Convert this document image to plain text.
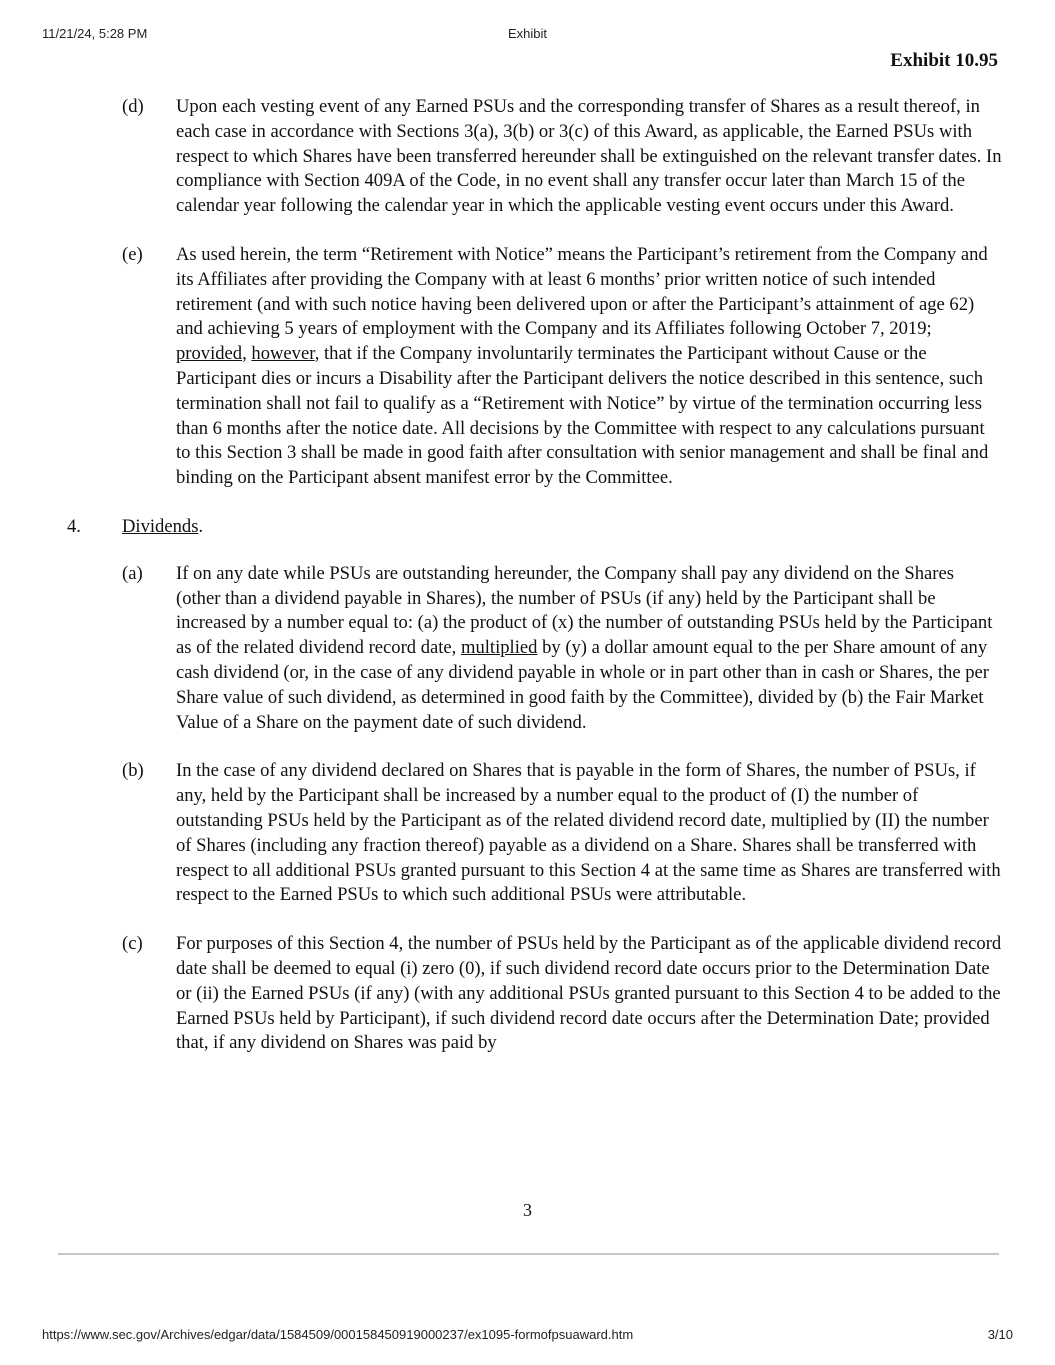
11/21/24, 5:28 PM	Exhibit
Exhibit 10.95
(d) Upon each vesting event of any Earned PSUs and the corresponding transfer of Shares as a result thereof, in each case in accordance with Sections 3(a), 3(b) or 3(c) of this Award, as applicable, the Earned PSUs with respect to which Shares have been transferred hereunder shall be extinguished on the relevant transfer dates. In compliance with Section 409A of the Code, in no event shall any transfer occur later than March 15 of the calendar year following the calendar year in which the applicable vesting event occurs under this Award.
(e) As used herein, the term “Retirement with Notice” means the Participant’s retirement from the Company and its Affiliates after providing the Company with at least 6 months’ prior written notice of such intended retirement (and with such notice having been delivered upon or after the Participant’s attainment of age 62) and achieving 5 years of employment with the Company and its Affiliates following October 7, 2019; provided, however, that if the Company involuntarily terminates the Participant without Cause or the Participant dies or incurs a Disability after the Participant delivers the notice described in this sentence, such termination shall not fail to qualify as a “Retirement with Notice” by virtue of the termination occurring less than 6 months after the notice date. All decisions by the Committee with respect to any calculations pursuant to this Section 3 shall be made in good faith after consultation with senior management and shall be final and binding on the Participant absent manifest error by the Committee.
4. Dividends.
(a) If on any date while PSUs are outstanding hereunder, the Company shall pay any dividend on the Shares (other than a dividend payable in Shares), the number of PSUs (if any) held by the Participant shall be increased by a number equal to: (a) the product of (x) the number of outstanding PSUs held by the Participant as of the related dividend record date, multiplied by (y) a dollar amount equal to the per Share amount of any cash dividend (or, in the case of any dividend payable in whole or in part other than in cash or Shares, the per Share value of such dividend, as determined in good faith by the Committee), divided by (b) the Fair Market Value of a Share on the payment date of such dividend.
(b) In the case of any dividend declared on Shares that is payable in the form of Shares, the number of PSUs, if any, held by the Participant shall be increased by a number equal to the product of (I) the number of outstanding PSUs held by the Participant as of the related dividend record date, multiplied by (II) the number of Shares (including any fraction thereof) payable as a dividend on a Share. Shares shall be transferred with respect to all additional PSUs granted pursuant to this Section 4 at the same time as Shares are transferred with respect to the Earned PSUs to which such additional PSUs were attributable.
(c) For purposes of this Section 4, the number of PSUs held by the Participant as of the applicable dividend record date shall be deemed to equal (i) zero (0), if such dividend record date occurs prior to the Determination Date or (ii) the Earned PSUs (if any) (with any additional PSUs granted pursuant to this Section 4 to be added to the Earned PSUs held by Participant), if such dividend record date occurs after the Determination Date; provided that, if any dividend on Shares was paid by
3
https://www.sec.gov/Archives/edgar/data/1584509/000158450919000237/ex1095-formofpsuaward.htm	3/10
